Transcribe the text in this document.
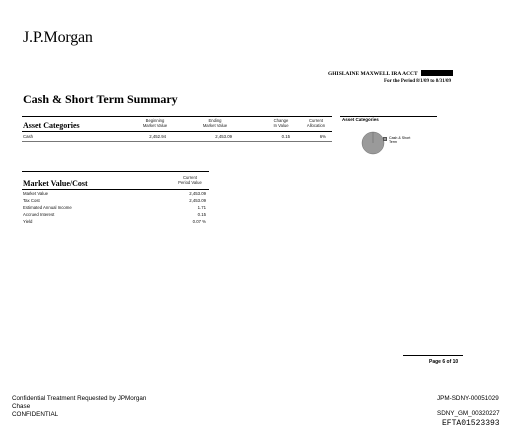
J.P.Morgan
GHISLAINE MAXWELL IRA ACCT
For the Period 8/1/09 to 8/31/09
Cash & Short Term Summary
Asset Categories
Beginning
Market Value
Ending
Market Value
Change
In Value
Current
Allocation
Cash	2,452.94	2,453.09	0.15	6%
Asset Categories
Cash & Short Term
Market Value/Cost
Current
Period Value
Market Value	2,453.09
Tax Cost	2,453.09
Estimated Annual Income	1.71
Accrued Interest	0.15
Yield	0.07 %
Page 6 of 10
Confidential Treatment Requested by JPMorgan
Chase
CONFIDENTIAL
JPM-SDNY-00051029
SDNY_GM_00320227
EFTA01523393
